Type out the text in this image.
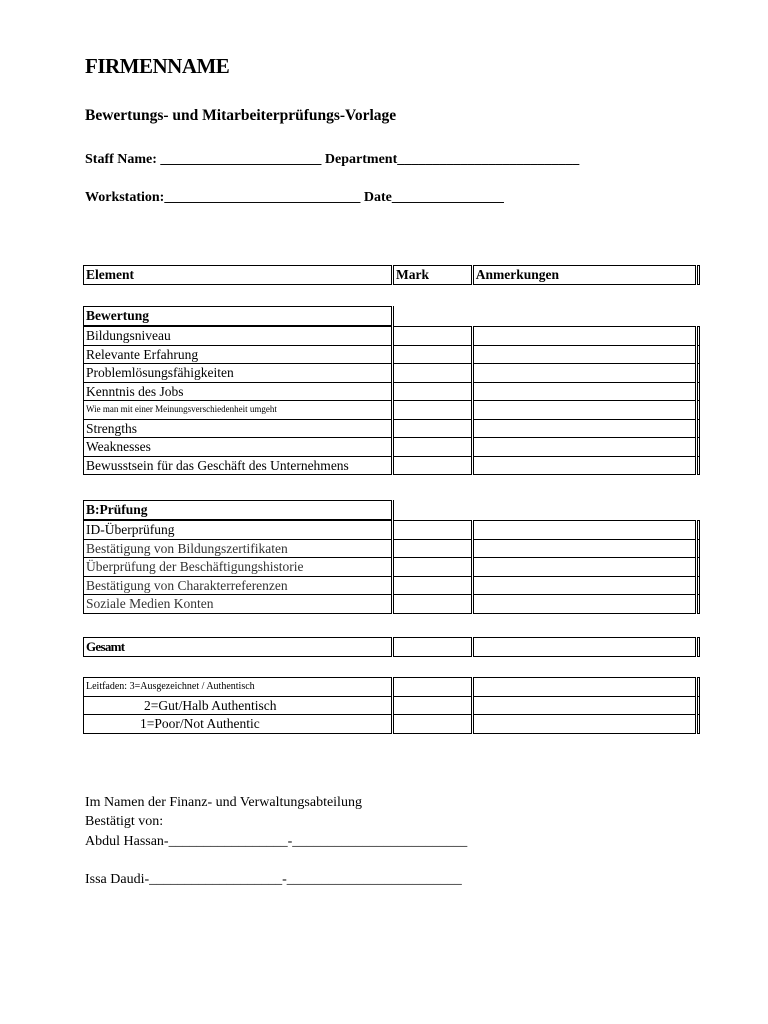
FIRMENNAME
Bewertungs- und Mitarbeiterprüfungs-Vorlage
Staff Name: _______________________ Department__________________________
Workstation:____________________________ Date________________
Element	Mark	Anmerkungen	
Bewertung
Bildungsniveau			
Relevante Erfahrung			
Problemlösungsfähigkeiten			
Kenntnis des Jobs			
Wie man mit einer Meinungsverschiedenheit umgeht			
Strengths			
Weaknesses			
Bewusstsein für das Geschäft des Unternehmens			
B:Prüfung
ID-Überprüfung			
Bestätigung von Bildungszertifikaten			
Überprüfung der Beschäftigungshistorie			
Bestätigung von Charakterreferenzen			
Soziale Medien Konten			
Gesamt			
Leitfaden: 3=Ausgezeichnet / Authentisch			
2=Gut/Halb Authentisch			
1=Poor/Not Authentic			
Im Namen der Finanz- und Verwaltungsabteilung
Bestätigt von:
Abdul Hassan-_________________-_________________________
Issa Daudi-___________________-_________________________
